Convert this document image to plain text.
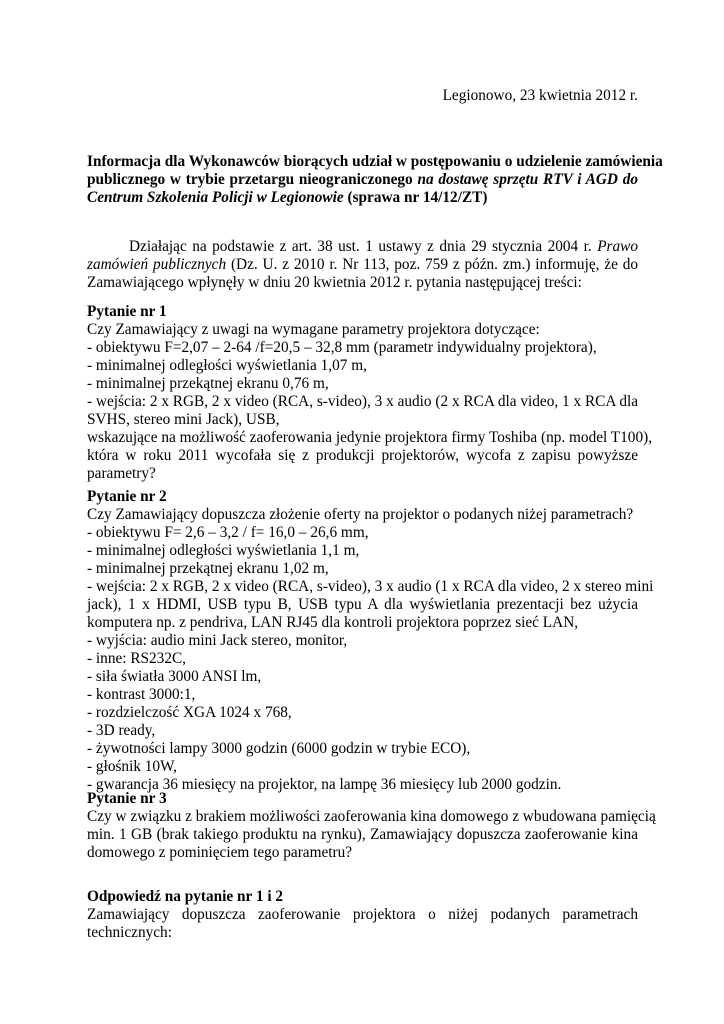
Legionowo, 23 kwietnia 2012 r.
Informacja dla Wykonawców biorących udział w postępowaniu o udzielenie zamówienia
publicznego w trybie przetargu nieograniczonego na dostawę sprzętu RTV i AGD do
Centrum Szkolenia Policji w Legionowie (sprawa nr 14/12/ZT)
Działając na podstawie z art. 38 ust. 1 ustawy z dnia 29 stycznia 2004 r. Prawo
zamówień publicznych (Dz. U. z 2010 r. Nr 113, poz. 759 z późn. zm.) informuję, że do
Zamawiającego wpłynęły w dniu 20 kwietnia 2012 r. pytania następującej treści:
Pytanie nr 1
Czy Zamawiający z uwagi na wymagane parametry projektora dotyczące:
- obiektywu F=2,07 – 2-64 /f=20,5 – 32,8 mm (parametr indywidualny projektora),
- minimalnej odległości wyświetlania 1,07 m,
- minimalnej przekątnej ekranu 0,76 m,
- wejścia: 2 x RGB, 2 x video (RCA, s-video), 3 x audio (2 x RCA dla video, 1 x RCA dla
SVHS, stereo mini Jack), USB,
wskazujące na możliwość zaoferowania jedynie projektora firmy Toshiba (np. model T100),
która w roku 2011 wycofała się z produkcji projektorów, wycofa z zapisu powyższe
parametry?
Pytanie nr 2
Czy Zamawiający dopuszcza złożenie oferty na projektor o podanych niżej parametrach?
- obiektywu F= 2,6 – 3,2 / f= 16,0 – 26,6 mm,
- minimalnej odległości wyświetlania 1,1 m,
- minimalnej przekątnej ekranu 1,02 m,
- wejścia: 2 x RGB, 2 x video (RCA, s-video), 3 x audio (1 x RCA dla video, 2 x stereo mini
jack), 1 x HDMI, USB typu B, USB typu A dla wyświetlania prezentacji bez użycia
komputera np. z pendriva, LAN RJ45 dla kontroli projektora poprzez sieć LAN,
- wyjścia: audio mini Jack stereo, monitor,
- inne: RS232C,
- siła światła 3000 ANSI lm,
- kontrast 3000:1,
- rozdzielczość XGA 1024 x 768,
- 3D ready,
- żywotności lampy 3000 godzin (6000 godzin w trybie ECO),
- głośnik 10W,
- gwarancja 36 miesięcy na projektor, na lampę 36 miesięcy lub 2000 godzin.
Pytanie nr 3
Czy w związku z brakiem możliwości zaoferowania kina domowego z wbudowana pamięcią
min. 1 GB (brak takiego produktu na rynku), Zamawiający dopuszcza zaoferowanie kina
domowego z pominięciem tego parametru?
Odpowiedź na pytanie nr 1 i 2
Zamawiający dopuszcza zaoferowanie projektora o niżej podanych parametrach
technicznych:
